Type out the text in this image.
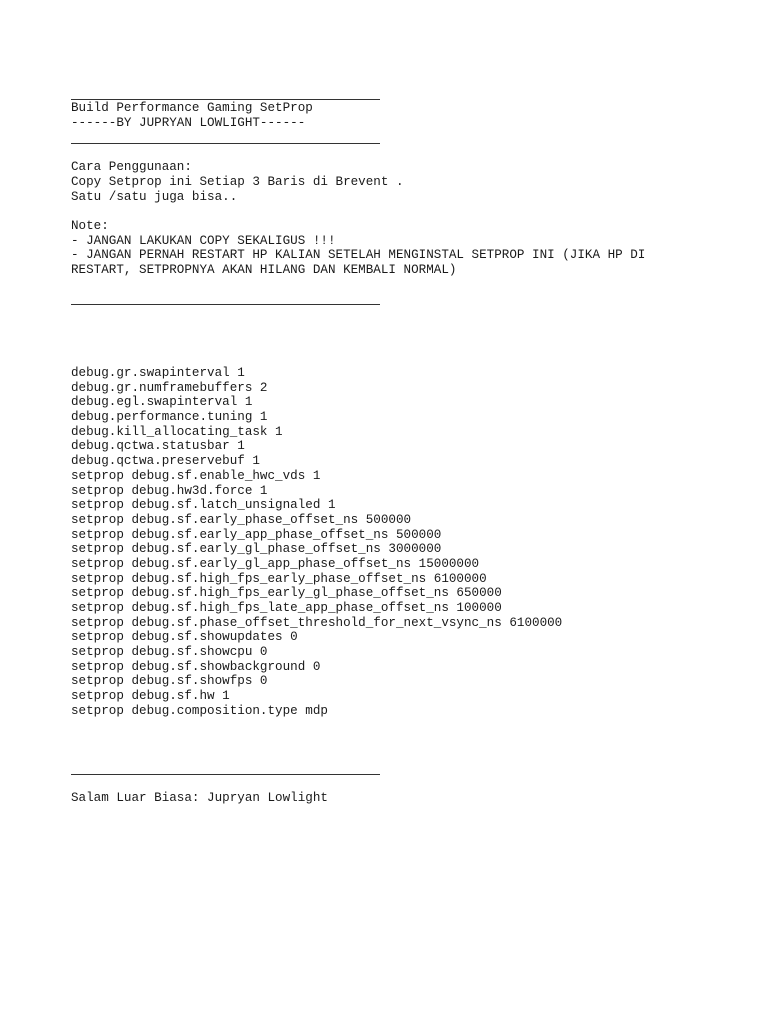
Build Performance Gaming SetProp
------BY JUPRYAN LOWLIGHT------
Cara Penggunaan:
Copy Setprop ini Setiap 3 Baris di Brevent .
Satu /satu juga bisa..
Note:
- JANGAN LAKUKAN COPY SEKALIGUS !!!
- JANGAN PERNAH RESTART HP KALIAN SETELAH MENGINSTAL SETPROP INI (JIKA HP DI
RESTART, SETPROPNYA AKAN HILANG DAN KEMBALI NORMAL)
debug.gr.swapinterval 1
debug.gr.numframebuffers 2
debug.egl.swapinterval 1
debug.performance.tuning 1
debug.kill_allocating_task 1
debug.qctwa.statusbar 1
debug.qctwa.preservebuf 1
setprop debug.sf.enable_hwc_vds 1
setprop debug.hw3d.force 1
setprop debug.sf.latch_unsignaled 1
setprop debug.sf.early_phase_offset_ns 500000
setprop debug.sf.early_app_phase_offset_ns 500000
setprop debug.sf.early_gl_phase_offset_ns 3000000
setprop debug.sf.early_gl_app_phase_offset_ns 15000000
setprop debug.sf.high_fps_early_phase_offset_ns 6100000
setprop debug.sf.high_fps_early_gl_phase_offset_ns 650000
setprop debug.sf.high_fps_late_app_phase_offset_ns 100000
setprop debug.sf.phase_offset_threshold_for_next_vsync_ns 6100000
setprop debug.sf.showupdates 0
setprop debug.sf.showcpu 0
setprop debug.sf.showbackground 0
setprop debug.sf.showfps 0
setprop debug.sf.hw 1
setprop debug.composition.type mdp
Salam Luar Biasa: Jupryan Lowlight
